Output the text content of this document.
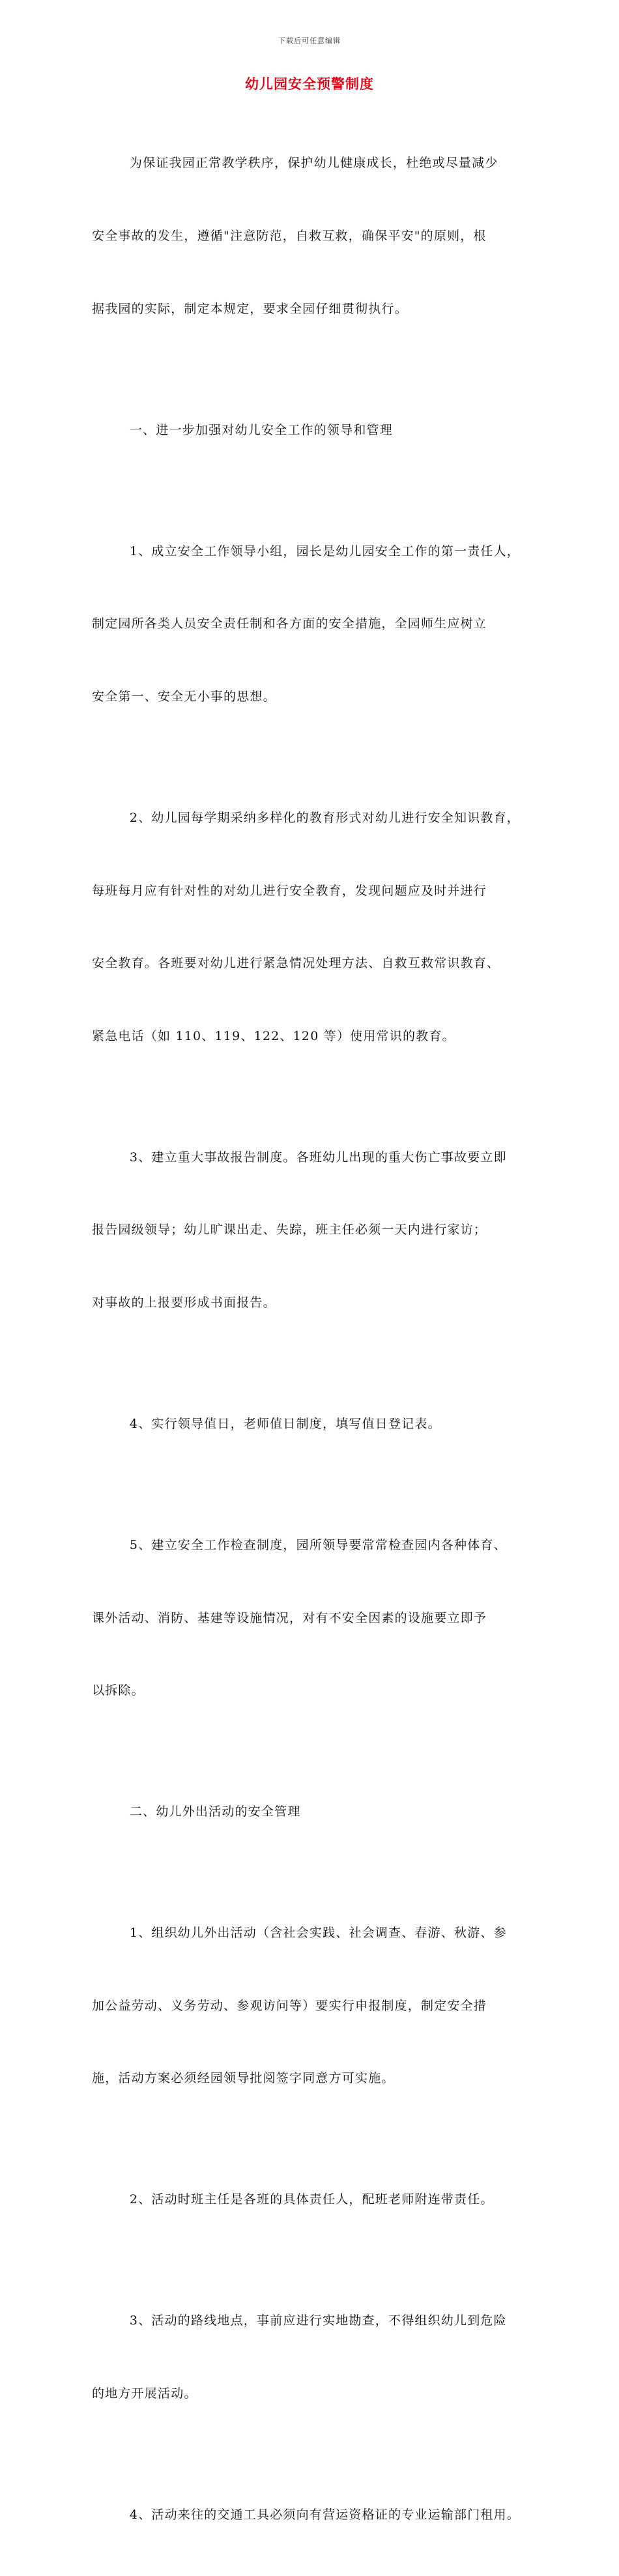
下载后可任意编辑
幼儿园安全预警制度

为保证我园正常教学秩序，保护幼儿健康成长，杜绝或尽量减少

安全事故的发生，遵循"注意防范，自救互救，确保平安"的原则，根

据我园的实际，制定本规定，要求全园仔细贯彻执行。

一、进一步加强对幼儿安全工作的领导和管理

1、成立安全工作领导小组，园长是幼儿园安全工作的第一责任人，

制定园所各类人员安全责任制和各方面的安全措施，全园师生应树立

安全第一、安全无小事的思想。

2、幼儿园每学期采纳多样化的教育形式对幼儿进行安全知识教育，

每班每月应有针对性的对幼儿进行安全教育，发现问题应及时并进行

安全教育。各班要对幼儿进行紧急情况处理方法、自救互救常识教育、

紧急电话（如 110、119、122、120 等）使用常识的教育。

3、建立重大事故报告制度。各班幼儿出现的重大伤亡事故要立即

报告园级领导；幼儿旷课出走、失踪，班主任必须一天内进行家访；

对事故的上报要形成书面报告。

4、实行领导值日，老师值日制度，填写值日登记表。

5、建立安全工作检查制度，园所领导要常常检查园内各种体育、

课外活动、消防、基建等设施情况，对有不安全因素的设施要立即予

以拆除。

二、幼儿外出活动的安全管理

1、组织幼儿外出活动（含社会实践、社会调查、春游、秋游、参

加公益劳动、义务劳动、参观访问等）要实行申报制度，制定安全措

施，活动方案必须经园领导批阅签字同意方可实施。

2、活动时班主任是各班的具体责任人，配班老师附连带责任。

3、活动的路线地点，事前应进行实地勘查，不得组织幼儿到危险

的地方开展活动。

4、活动来往的交通工具必须向有营运资格证的专业运输部门租用。
